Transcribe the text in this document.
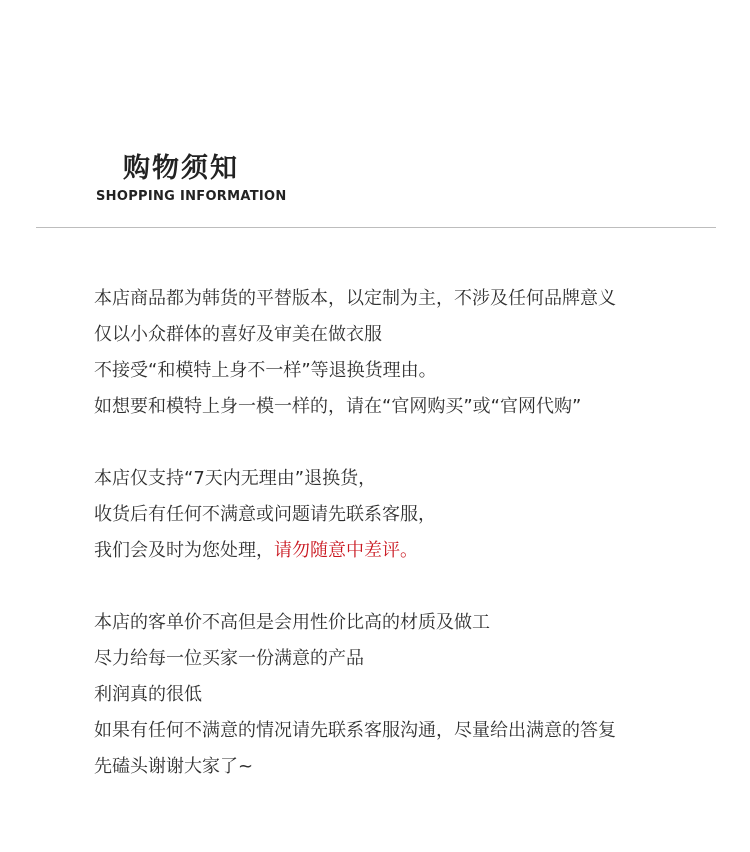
购物须知
SHOPPING INFORMATION
本店商品都为韩货的平替版本，以定制为主，不涉及任何品牌意义
仅以小众群体的喜好及审美在做衣服
不接受“和模特上身不一样”等退换货理由。
如想要和模特上身一模一样的，请在“官网购买”或“官网代购”
本店仅支持“7天内无理由”退换货，
收货后有任何不满意或问题请先联系客服，
我们会及时为您处理，请勿随意中差评。
本店的客单价不高但是会用性价比高的材质及做工
尽力给每一位买家一份满意的产品
利润真的很低
如果有任何不满意的情况请先联系客服沟通，尽量给出满意的答复
先磕头谢谢大家了~
